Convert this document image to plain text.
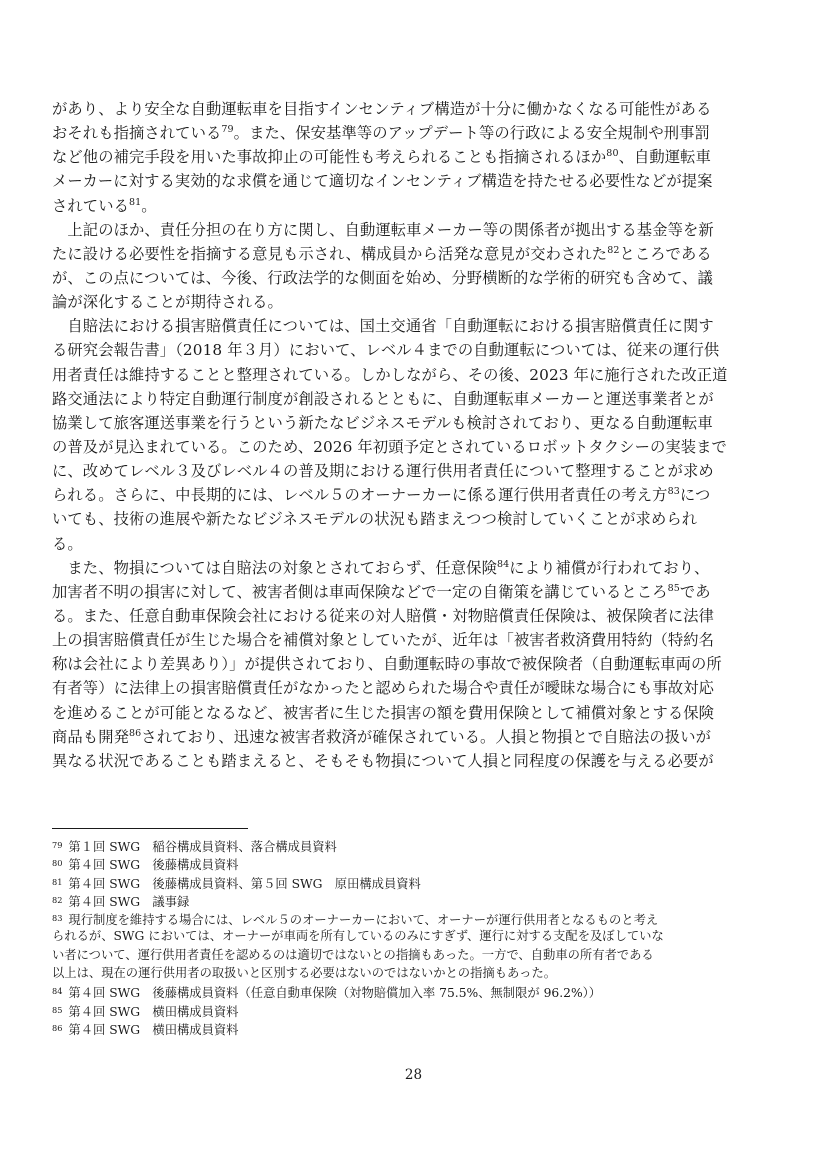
があり、より安全な自動運転車を目指すインセンティブ構造が十分に働かなくなる可能性がある
おそれも指摘されている$^{79}$。また、保安基準等のアップデート等の行政による安全規制や刑事罰
など他の補完手段を用いた事故抑止の可能性も考えられることも指摘されるほか$^{80}$、自動運転車
メーカーに対する実効的な求償を通じて適切なインセンティブ構造を持たせる必要性などが提案
されている$^{81}$。
　上記のほか、責任分担の在り方に関し、自動運転車メーカー等の関係者が拠出する基金等を新
たに設ける必要性を指摘する意見も示され、構成員から活発な意見が交わされた$^{82}$ところである
が、この点については、今後、行政法学的な側面を始め、分野横断的な学術的研究も含めて、議
論が深化することが期待される。
　自賠法における損害賠償責任については、国土交通省「自動運転における損害賠償責任に関す
る研究会報告書」（2018 年３月）において、レベル４までの自動運転については、従来の運行供
用者責任は維持することと整理されている。しかしながら、その後、2023 年に施行された改正道
路交通法により特定自動運行制度が創設されるとともに、自動運転車メーカーと運送事業者とが
協業して旅客運送事業を行うという新たなビジネスモデルも検討されており、更なる自動運転車
の普及が見込まれている。このため、2026 年初頭予定とされているロボットタクシーの実装まで
に、改めてレベル３及びレベル４の普及期における運行供用者責任について整理することが求め
られる。さらに、中長期的には、レベル５のオーナーカーに係る運行供用者責任の考え方$^{83}$につ
いても、技術の進展や新たなビジネスモデルの状況も踏まえつつ検討していくことが求められ
る。
　また、物損については自賠法の対象とされておらず、任意保険$^{84}$により補償が行われており、
加害者不明の損害に対して、被害者側は車両保険などで一定の自衛策を講じているところ$^{85}$であ
る。また、任意自動車保険会社における従来の対人賠償・対物賠償責任保険は、被保険者に法律
上の損害賠償責任が生じた場合を補償対象としていたが、近年は「被害者救済費用特約（特約名
称は会社により差異あり）」が提供されており、自動運転時の事故で被保険者（自動運転車両の所
有者等）に法律上の損害賠償責任がなかったと認められた場合や責任が曖昧な場合にも事故対応
を進めることが可能となるなど、被害者に生じた損害の額を費用保険として補償対象とする保険
商品も開発$^{86}$されており、迅速な被害者救済が確保されている。人損と物損とで自賠法の扱いが
異なる状況であることも踏まえると、そもそも物損について人損と同程度の保護を与える必要が
$^{79}$ 第１回 SWG　稲谷構成員資料、落合構成員資料
$^{80}$ 第４回 SWG　後藤構成員資料
$^{81}$ 第４回 SWG　後藤構成員資料、第５回 SWG　原田構成員資料
$^{82}$ 第４回 SWG　議事録
$^{83}$ 現行制度を維持する場合には、レベル５のオーナーカーにおいて、オーナーが運行供用者となるものと考え
られるが、SWG においては、オーナーが車両を所有しているのみにすぎず、運行に対する支配を及ぼしていな
い者について、運行供用者責任を認めるのは適切ではないとの指摘もあった。一方で、自動車の所有者である
以上は、現在の運行供用者の取扱いと区別する必要はないのではないかとの指摘もあった。
$^{84}$ 第４回 SWG　後藤構成員資料（任意自動車保険（対物賠償加入率 75.5%、無制限が 96.2%））
$^{85}$ 第４回 SWG　横田構成員資料
$^{86}$ 第４回 SWG　横田構成員資料
28
